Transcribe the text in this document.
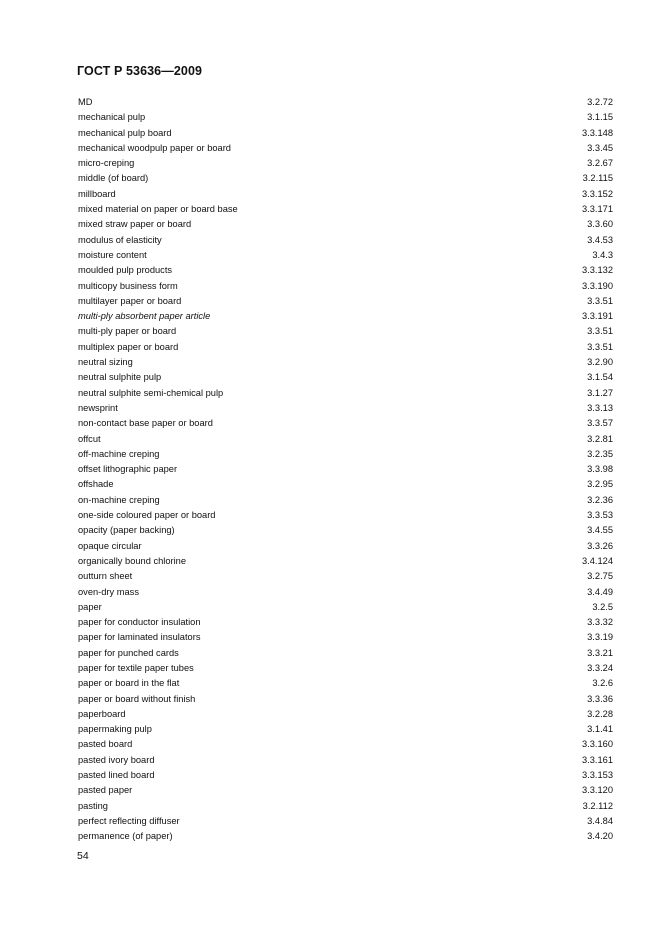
ГОСТ Р 53636—2009
MD	3.2.72
mechanical pulp	3.1.15
mechanical pulp board	3.3.148
mechanical woodpulp paper or board	3.3.45
micro-creping	3.2.67
middle (of board)	3.2.115
millboard	3.3.152
mixed material on paper or board base	3.3.171
mixed straw paper or board	3.3.60
modulus of elasticity	3.4.53
moisture content	3.4.3
moulded pulp products	3.3.132
multicopy business form	3.3.190
multilayer paper or board	3.3.51
multi-ply absorbent paper article	3.3.191
multi-ply paper or board	3.3.51
multiplex paper or board	3.3.51
neutral sizing	3.2.90
neutral sulphite pulp	3.1.54
neutral sulphite semi-chemical pulp	3.1.27
newsprint	3.3.13
non-contact base paper or board	3.3.57
offcut	3.2.81
off-machine creping	3.2.35
offset lithographic paper	3.3.98
offshade	3.2.95
on-machine creping	3.2.36
one-side coloured paper or board	3.3.53
opacity (paper backing)	3.4.55
opaque circular	3.3.26
organically bound chlorine	3.4.124
outturn sheet	3.2.75
oven-dry mass	3.4.49
paper	3.2.5
paper for conductor insulation	3.3.32
paper for laminated insulators	3.3.19
paper for punched cards	3.3.21
paper for textile paper tubes	3.3.24
paper or board in the flat	3.2.6
paper or board without finish	3.3.36
paperboard	3.2.28
papermaking pulp	3.1.41
pasted board	3.3.160
pasted ivory board	3.3.161
pasted lined board	3.3.153
pasted paper	3.3.120
pasting	3.2.112
perfect reflecting diffuser	3.4.84
permanence (of paper)	3.4.20
54
